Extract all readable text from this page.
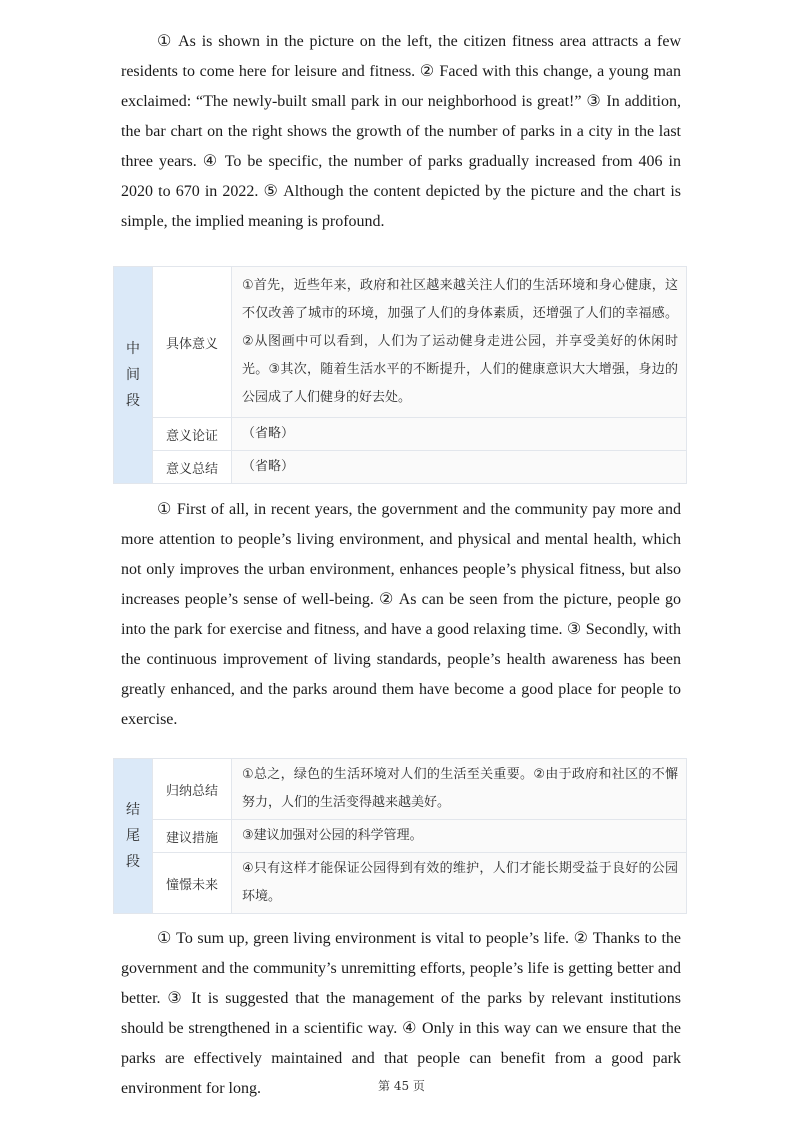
① As is shown in the picture on the left, the citizen fitness area attracts a few residents to come here for leisure and fitness. ② Faced with this change, a young man exclaimed: “The newly-built small park in our neighborhood is great!” ③ In addition, the bar chart on the right shows the growth of the number of parks in a city in the last three years. ④ To be specific, the number of parks gradually increased from 406 in 2020 to 670 in 2022. ⑤ Although the content depicted by the picture and the chart is simple, the implied meaning is profound.

中
间
段	具体意义	①首先，近些年来，政府和社区越来越关注人们的生活环境和身心健康，这不仅改善了城市的环境，加强了人们的身体素质，还增强了人们的幸福感。②从图画中可以看到，人们为了运动健身走进公园，并享受美好的休闲时光。③其次，随着生活水平的不断提升，人们的健康意识大大增强，身边的公园成了人们健身的好去处。
	意义论证	（省略）
	意义总结	（省略）

① First of all, in recent years, the government and the community pay more and more attention to people’s living environment, and physical and mental health, which not only improves the urban environment, enhances people’s physical fitness, but also increases people’s sense of well-being. ② As can be seen from the picture, people go into the park for exercise and fitness, and have a good relaxing time. ③ Secondly, with the continuous improvement of living standards, people’s health awareness has been greatly enhanced, and the parks around them have become a good place for people to exercise.

结
尾
段	归纳总结	①总之，绿色的生活环境对人们的生活至关重要。②由于政府和社区的不懈努力，人们的生活变得越来越美好。
	建议措施	③建议加强对公园的科学管理。
	憧憬未来	④只有这样才能保证公园得到有效的维护，人们才能长期受益于良好的公园环境。

① To sum up, green living environment is vital to people’s life. ② Thanks to the government and the community’s unremitting efforts, people’s life is getting better and better. ③ It is suggested that the management of the parks by relevant institutions should be strengthened in a scientific way. ④ Only in this way can we ensure that the parks are effectively maintained and that people can benefit from a good park environment for long.	第 45 页
